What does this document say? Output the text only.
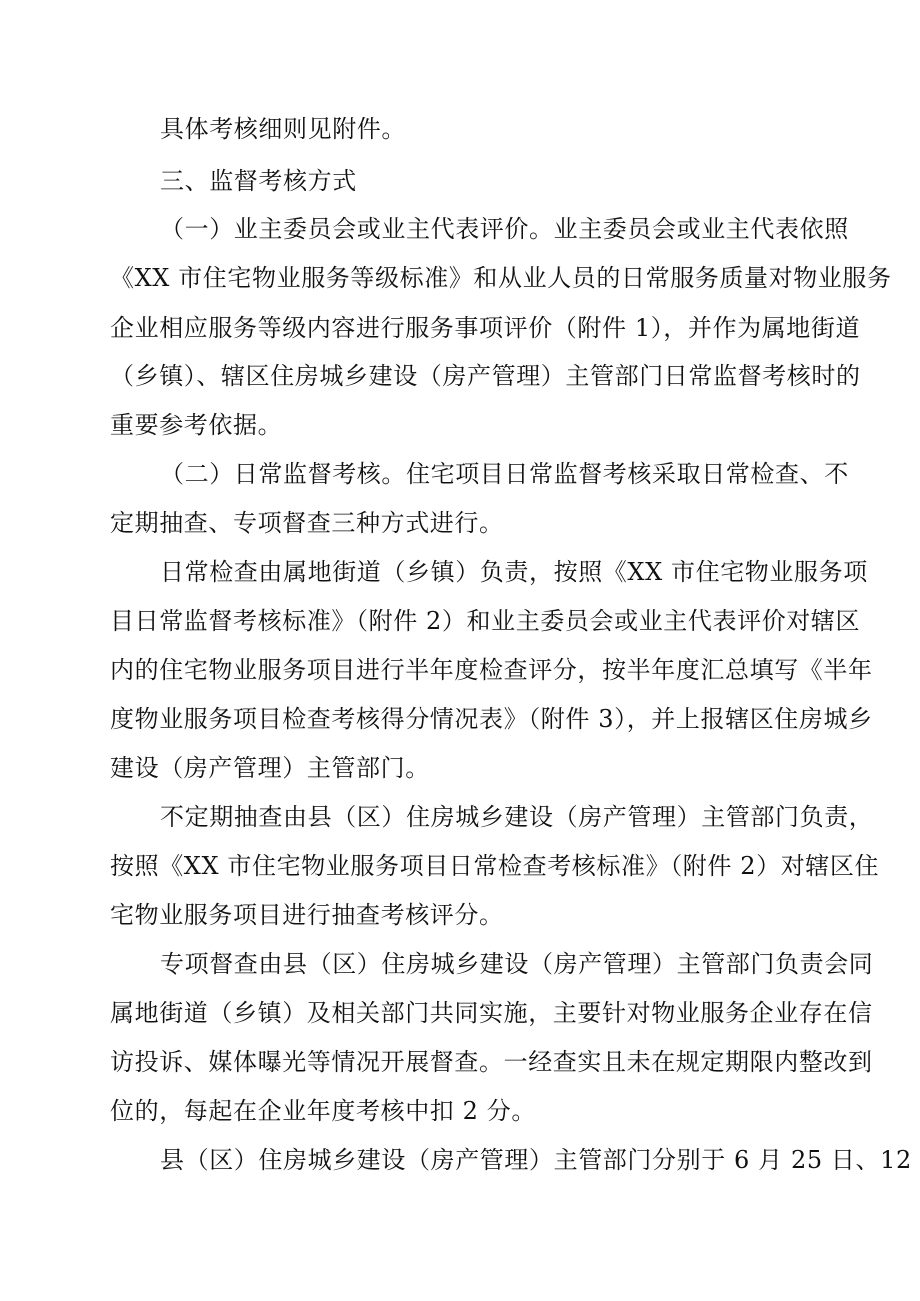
具体考核细则见附件。
三、监督考核方式
（一）业主委员会或业主代表评价。业主委员会或业主代表依照
《XX 市住宅物业服务等级标准》和从业人员的日常服务质量对物业服务
企业相应服务等级内容进行服务事项评价（附件 1），并作为属地街道
（乡镇）、辖区住房城乡建设（房产管理）主管部门日常监督考核时的
重要参考依据。
（二）日常监督考核。住宅项目日常监督考核采取日常检查、不
定期抽查、专项督查三种方式进行。
日常检查由属地街道（乡镇）负责，按照《XX 市住宅物业服务项
目日常监督考核标准》（附件 2）和业主委员会或业主代表评价对辖区
内的住宅物业服务项目进行半年度检查评分，按半年度汇总填写《半年
度物业服务项目检查考核得分情况表》（附件 3），并上报辖区住房城乡
建设（房产管理）主管部门。
不定期抽查由县（区）住房城乡建设（房产管理）主管部门负责，
按照《XX 市住宅物业服务项目日常检查考核标准》（附件 2）对辖区住
宅物业服务项目进行抽查考核评分。
专项督查由县（区）住房城乡建设（房产管理）主管部门负责会同
属地街道（乡镇）及相关部门共同实施，主要针对物业服务企业存在信
访投诉、媒体曝光等情况开展督查。一经查实且未在规定期限内整改到
位的，每起在企业年度考核中扣 2 分。
县（区）住房城乡建设（房产管理）主管部门分别于 6 月 25 日、12
